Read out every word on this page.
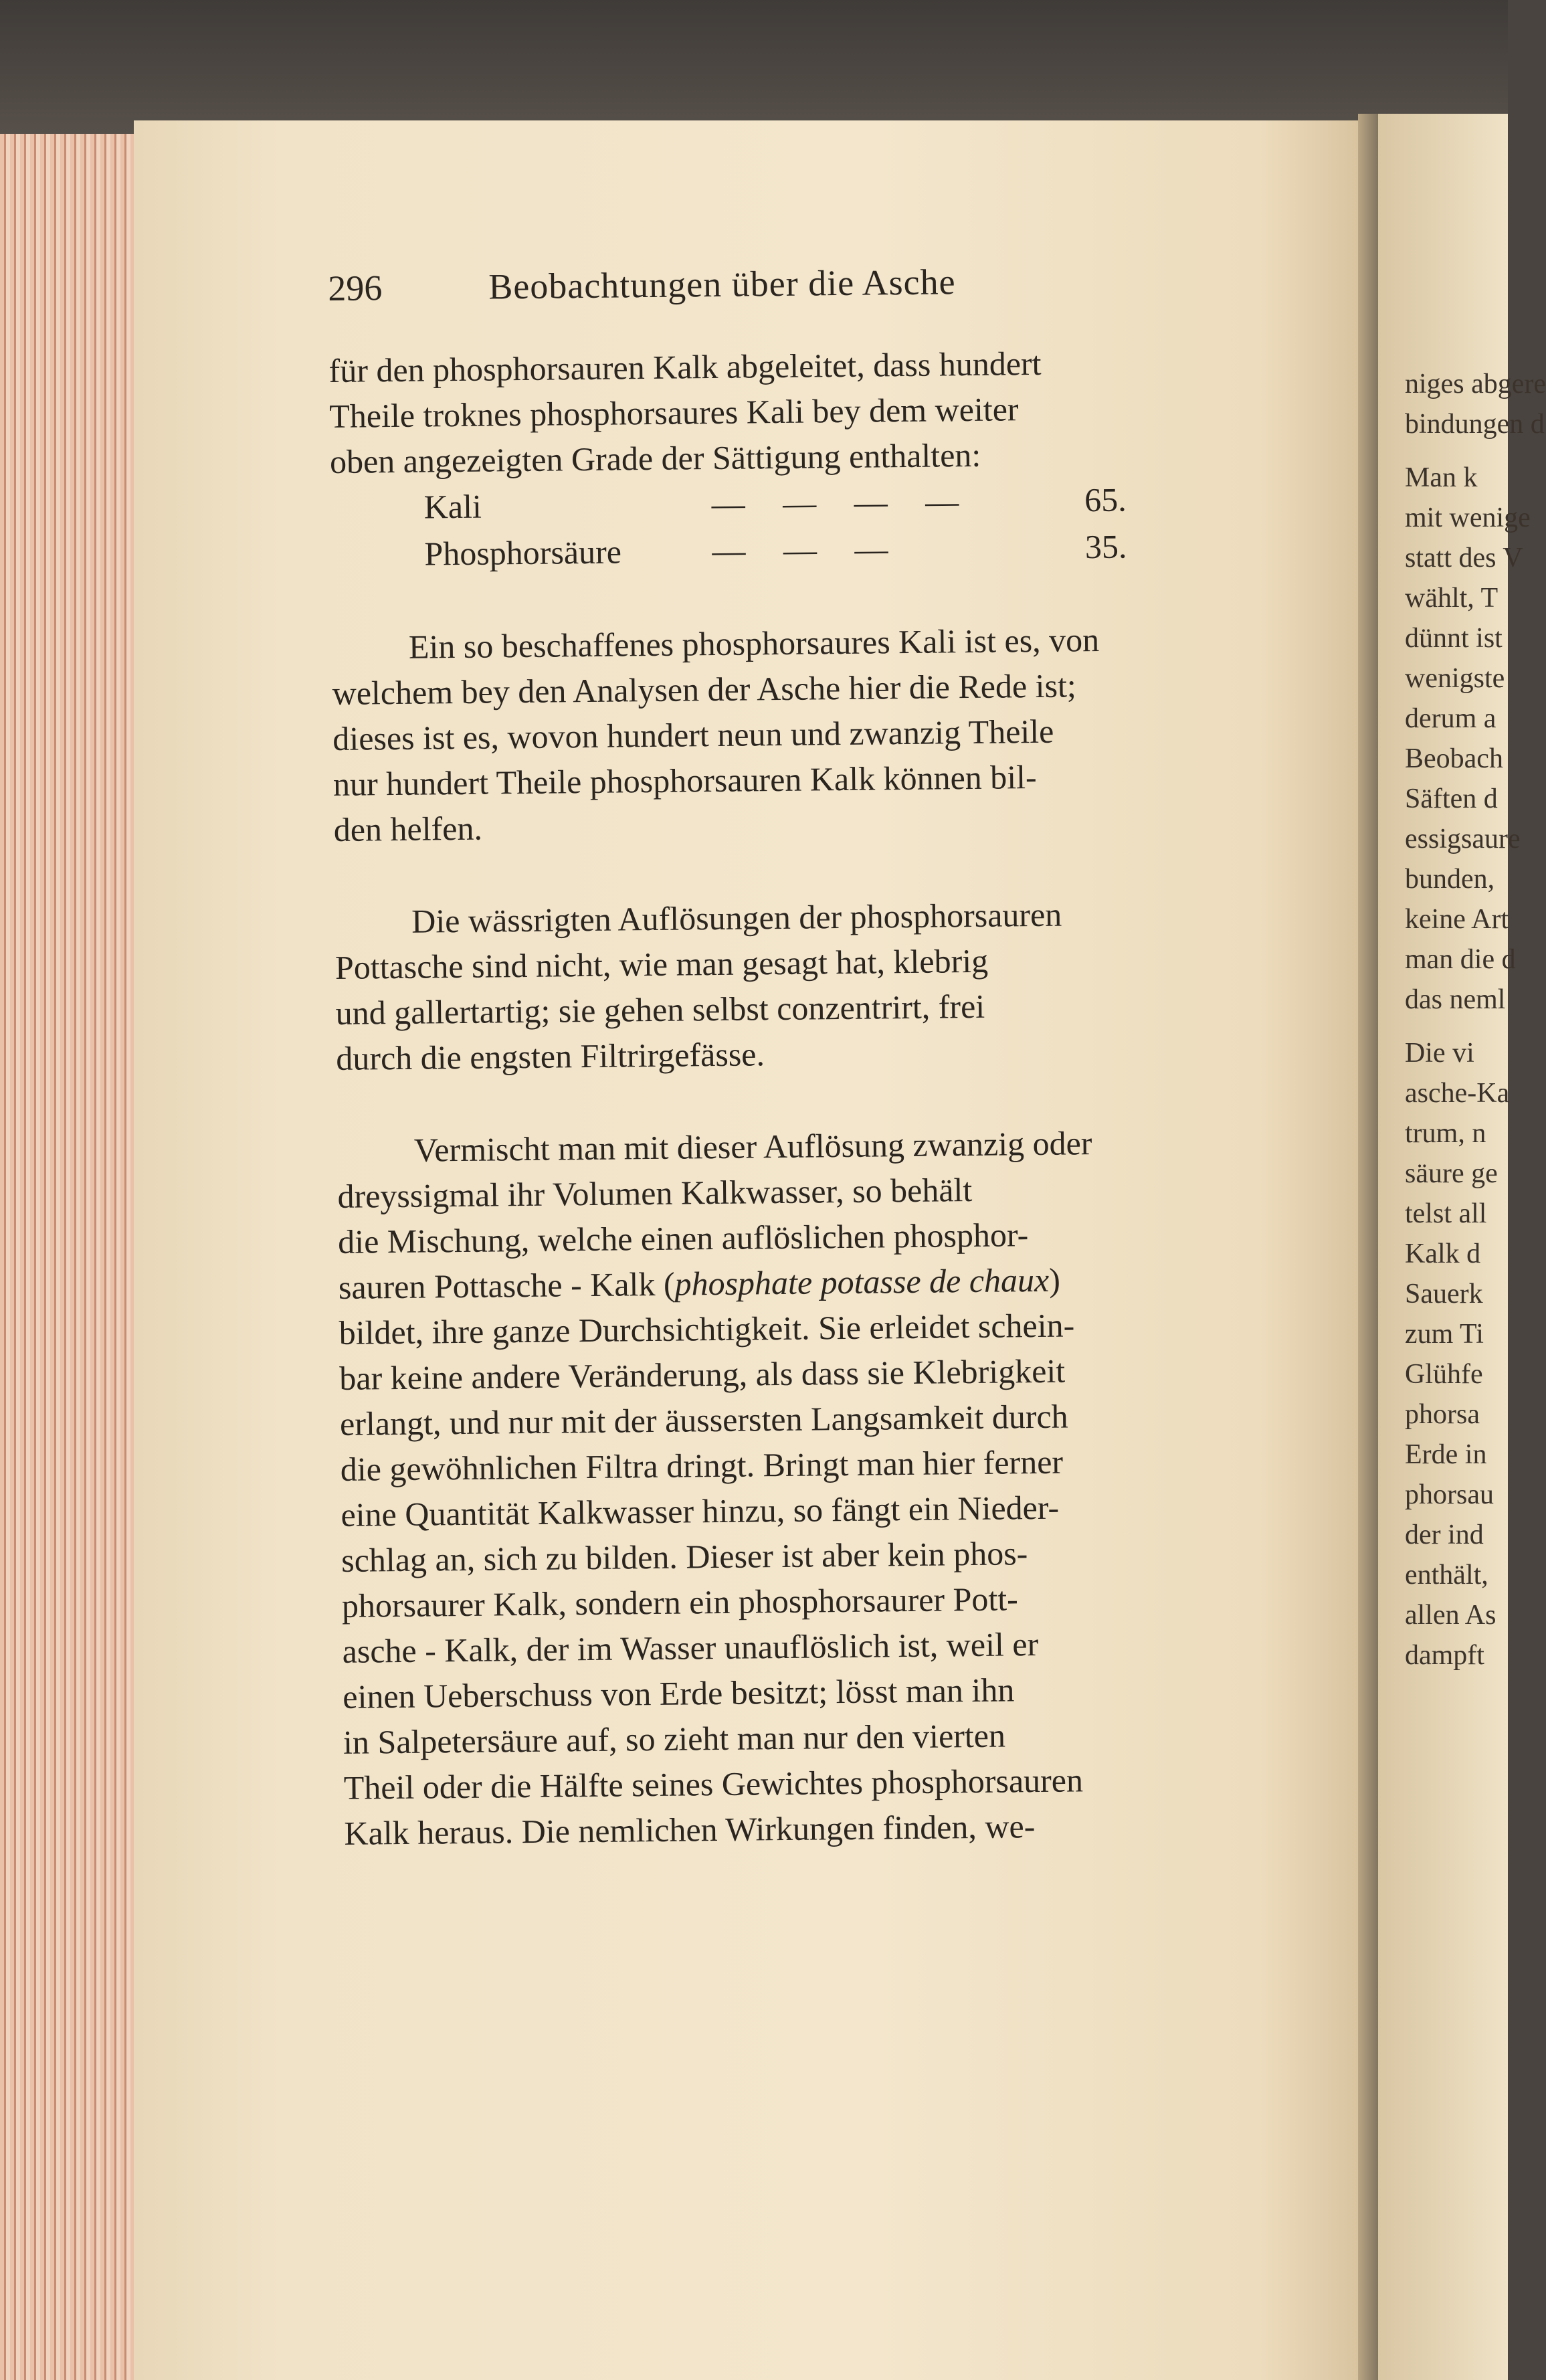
niges abgere
bindungen d
Man k
mit wenige
statt des V
wählt, T
dünnt ist
wenigste
derum a
Beobach
Säften d
essigsaure
bunden,
keine Art
man die d
das neml
Die vi
asche-Ka
trum, n
säure ge
telst all
Kalk d
Sauerk
zum Ti
Glühfe
phorsa
Erde in
phorsau
der ind
enthält,
allen As
dampft
296	Beobachtungen über die Asche
für den phosphorsauren Kalk abgeleitet, dass hundert
Theile troknes phosphorsaures Kali bey dem weiter
oben angezeigten Grade der Sättigung enthalten:
Kali	— — — —	65.
Phosphorsäure	— — —	35.
Ein so beschaffenes phosphorsaures Kali ist es, von
welchem bey den Analysen der Asche hier die Rede ist;
dieses ist es, wovon hundert neun und zwanzig Theile
nur hundert Theile phosphorsauren Kalk können bil-
den helfen.
Die wässrigten Auflösungen der phosphorsauren
Pottasche sind nicht, wie man gesagt hat, klebrig
und gallertartig; sie gehen selbst conzentrirt, frei
durch die engsten Filtrirgefässe.
Vermischt man mit dieser Auflösung zwanzig oder
dreyssigmal ihr Volumen Kalkwasser, so behält
die Mischung, welche einen auflöslichen phosphor-
sauren Pottasche - Kalk (phosphate potasse de chaux)
bildet, ihre ganze Durchsichtigkeit. Sie erleidet schein-
bar keine andere Veränderung, als dass sie Klebrigkeit
erlangt, und nur mit der äussersten Langsamkeit durch
die gewöhnlichen Filtra dringt. Bringt man hier ferner
eine Quantität Kalkwasser hinzu, so fängt ein Nieder-
schlag an, sich zu bilden. Dieser ist aber kein phos-
phorsaurer Kalk, sondern ein phosphorsaurer Pott-
asche - Kalk, der im Wasser unauflöslich ist, weil er
einen Ueberschuss von Erde besitzt; lösst man ihn
in Salpetersäure auf, so zieht man nur den vierten
Theil oder die Hälfte seines Gewichtes phosphorsauren
Kalk heraus. Die nemlichen Wirkungen finden, we-
